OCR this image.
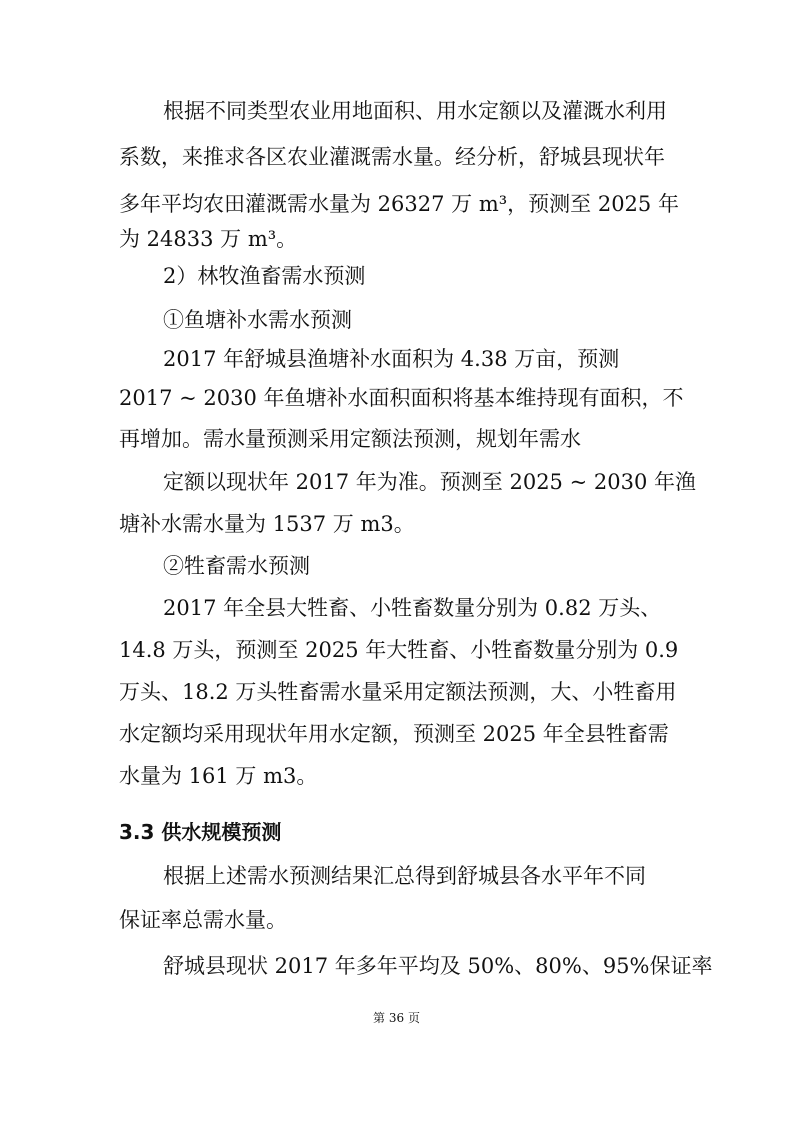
根据不同类型农业用地面积、用水定额以及灌溉水利用
系数，来推求各区农业灌溉需水量。经分析，舒城县现状年
多年平均农田灌溉需水量为 26327 万 m³，预测至 2025 年
为 24833 万 m³。
2）林牧渔畜需水预测
①鱼塘补水需水预测
2017 年舒城县渔塘补水面积为 4.38 万亩，预测
2017 ~ 2030 年鱼塘补水面积面积将基本维持现有面积，不
再增加。需水量预测采用定额法预测，规划年需水
定额以现状年 2017 年为准。预测至 2025 ~ 2030 年渔
塘补水需水量为 1537 万 m3。
②牲畜需水预测
2017 年全县大牲畜、小牲畜数量分别为 0.82 万头、
14.8 万头，预测至 2025 年大牲畜、小牲畜数量分别为 0.9
万头、18.2 万头牲畜需水量采用定额法预测，大、小牲畜用
水定额均采用现状年用水定额，预测至 2025 年全县牲畜需
水量为 161 万 m3。
3.3 供水规模预测
根据上述需水预测结果汇总得到舒城县各水平年不同
保证率总需水量。
舒城县现状 2017 年多年平均及 50%、80%、95%保证率
第 36 页
